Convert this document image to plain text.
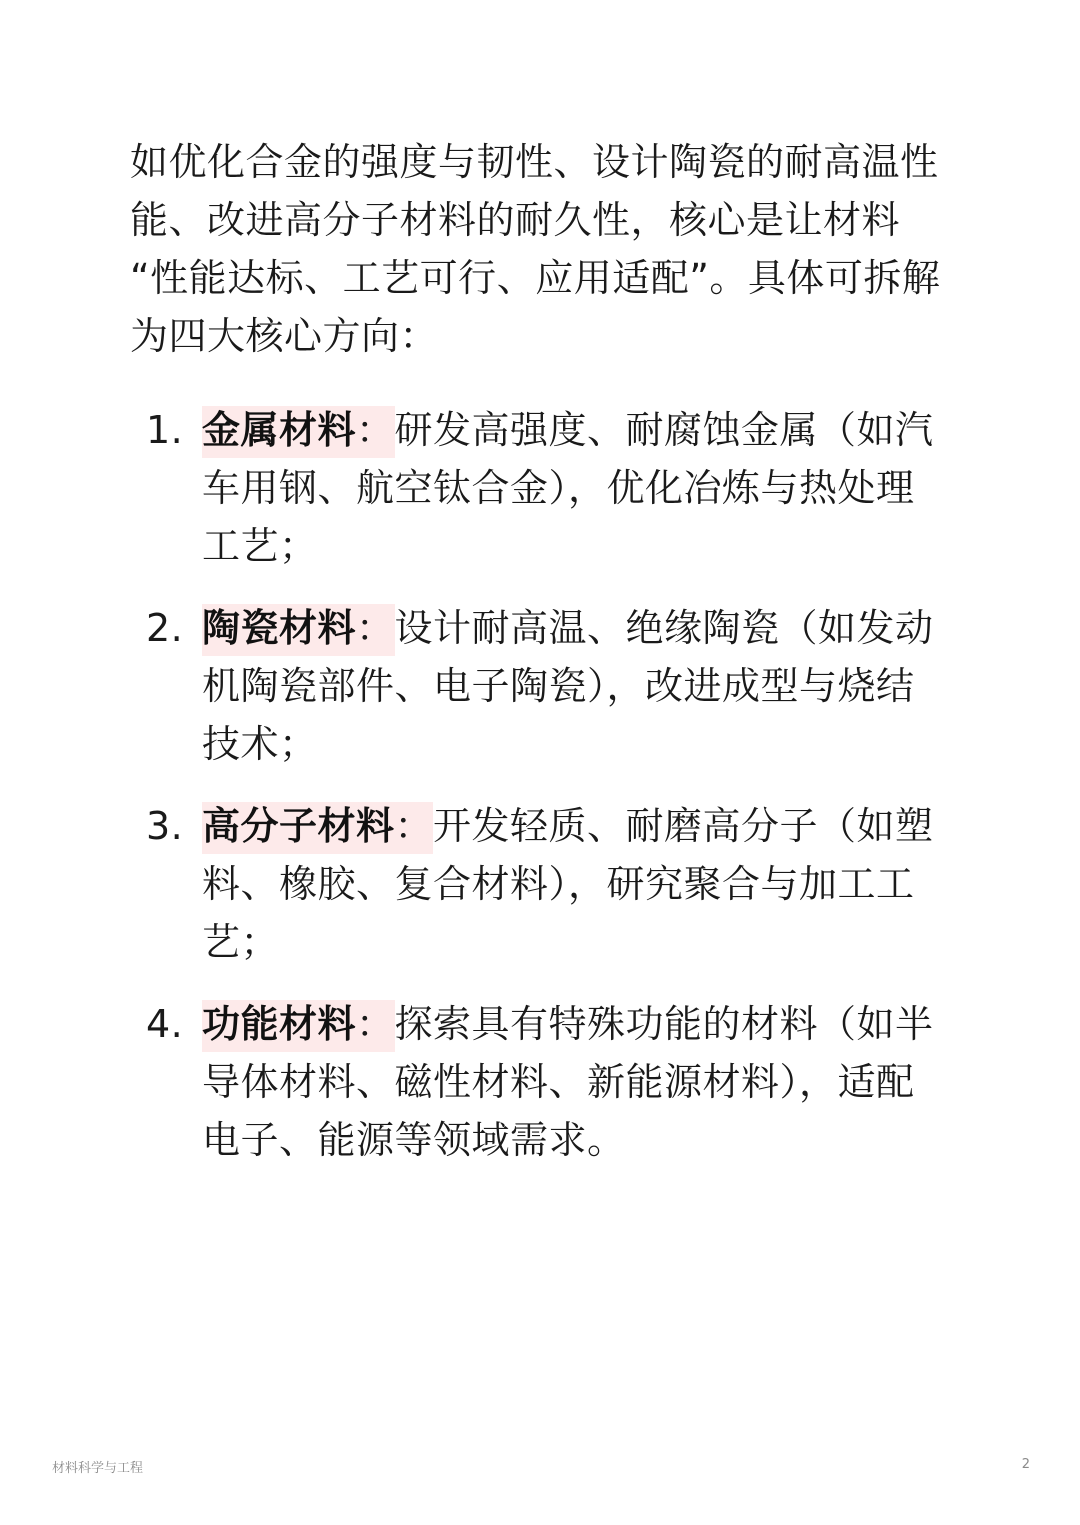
如优化合金的强度与韧性、设计陶瓷的耐高温性能、改进高分子材料的耐久性，核心是让材料 “性能达标、工艺可行、应用适配”。具体可拆解为四大核心方向：

1. 金属材料：研发高强度、耐腐蚀金属（如汽车用钢、航空钛合金），优化冶炼与热处理工艺；
2. 陶瓷材料：设计耐高温、绝缘陶瓷（如发动机陶瓷部件、电子陶瓷），改进成型与烧结技术；
3. 高分子材料：开发轻质、耐磨高分子（如塑料、橡胶、复合材料），研究聚合与加工工艺；
4. 功能材料：探索具有特殊功能的材料（如半导体材料、磁性材料、新能源材料），适配电子、能源等领域需求。
材料科学与工程	2
